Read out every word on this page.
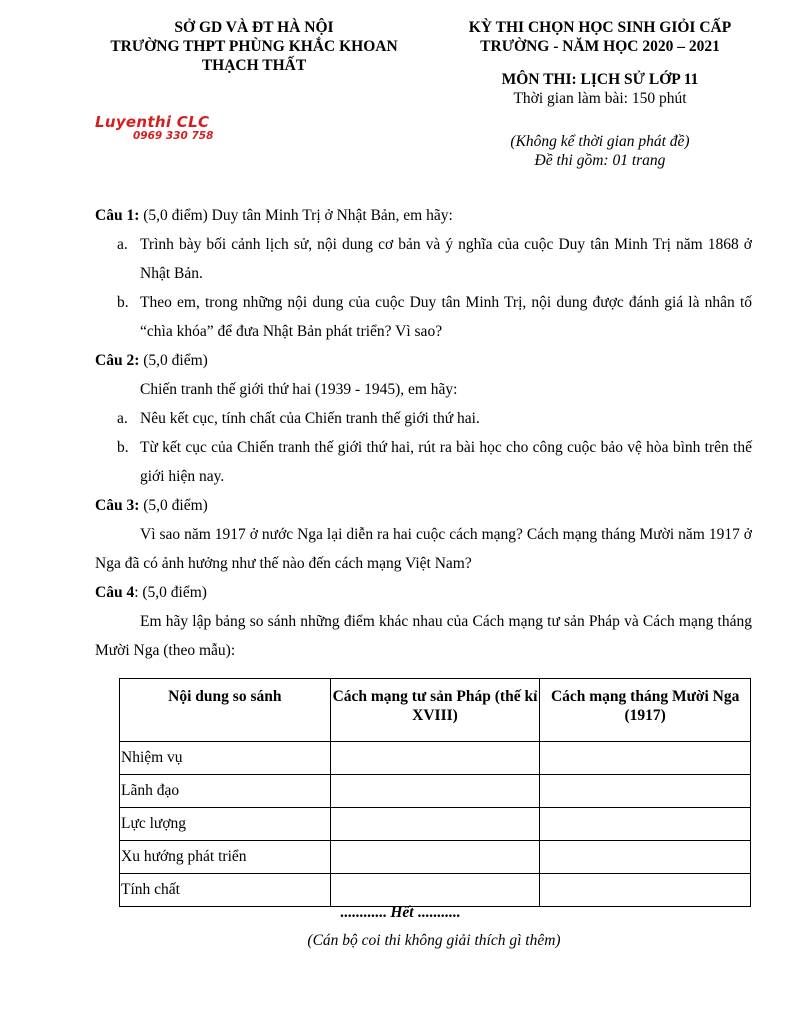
SỞ GD VÀ ĐT HÀ NỘI
TRƯỜNG THPT PHÙNG KHẮC KHOAN
THẠCH THẤT
KỲ THI CHỌN HỌC SINH GIỎI CẤP
TRƯỜNG - NĂM HỌC 2020 – 2021
MÔN THI: LỊCH SỬ LỚP 11
Thời gian làm bài: 150 phút
(Không kể thời gian phát đề)
Đề thi gồm: 01 trang
Luyenthi CLC
0969 330 758

Câu 1: (5,0 điểm) Duy tân Minh Trị ở Nhật Bản, em hãy:

a. Trình bày bối cảnh lịch sử, nội dung cơ bản và ý nghĩa của cuộc Duy tân Minh Trị năm 1868 ở Nhật Bản.

b. Theo em, trong những nội dung của cuộc Duy tân Minh Trị, nội dung được đánh giá là nhân tố “chìa khóa” để đưa Nhật Bản phát triển? Vì sao?

Câu 2: (5,0 điểm)

Chiến tranh thế giới thứ hai (1939 - 1945), em hãy:

a. Nêu kết cục, tính chất của Chiến tranh thế giới thứ hai.

b. Từ kết cục của Chiến tranh thế giới thứ hai, rút ra bài học cho công cuộc bảo vệ hòa bình trên thế giới hiện nay.

Câu 3: (5,0 điểm)

Vì sao năm 1917 ở nước Nga lại diễn ra hai cuộc cách mạng? Cách mạng tháng Mười năm 1917 ở Nga đã có ảnh hưởng như thế nào đến cách mạng Việt Nam?

Câu 4: (5,0 điểm)

Em hãy lập bảng so sánh những điểm khác nhau của Cách mạng tư sản Pháp và Cách mạng tháng Mười Nga (theo mẫu):

Nội dung so sánh	Cách mạng tư sản Pháp (thế kỉ XVIII)	Cách mạng tháng Mười Nga (1917)
Nhiệm vụ		
Lãnh đạo		
Lực lượng		
Xu hướng phát triển		
Tính chất		
............ Hết ...........
(Cán bộ coi thi không giải thích gì thêm)
